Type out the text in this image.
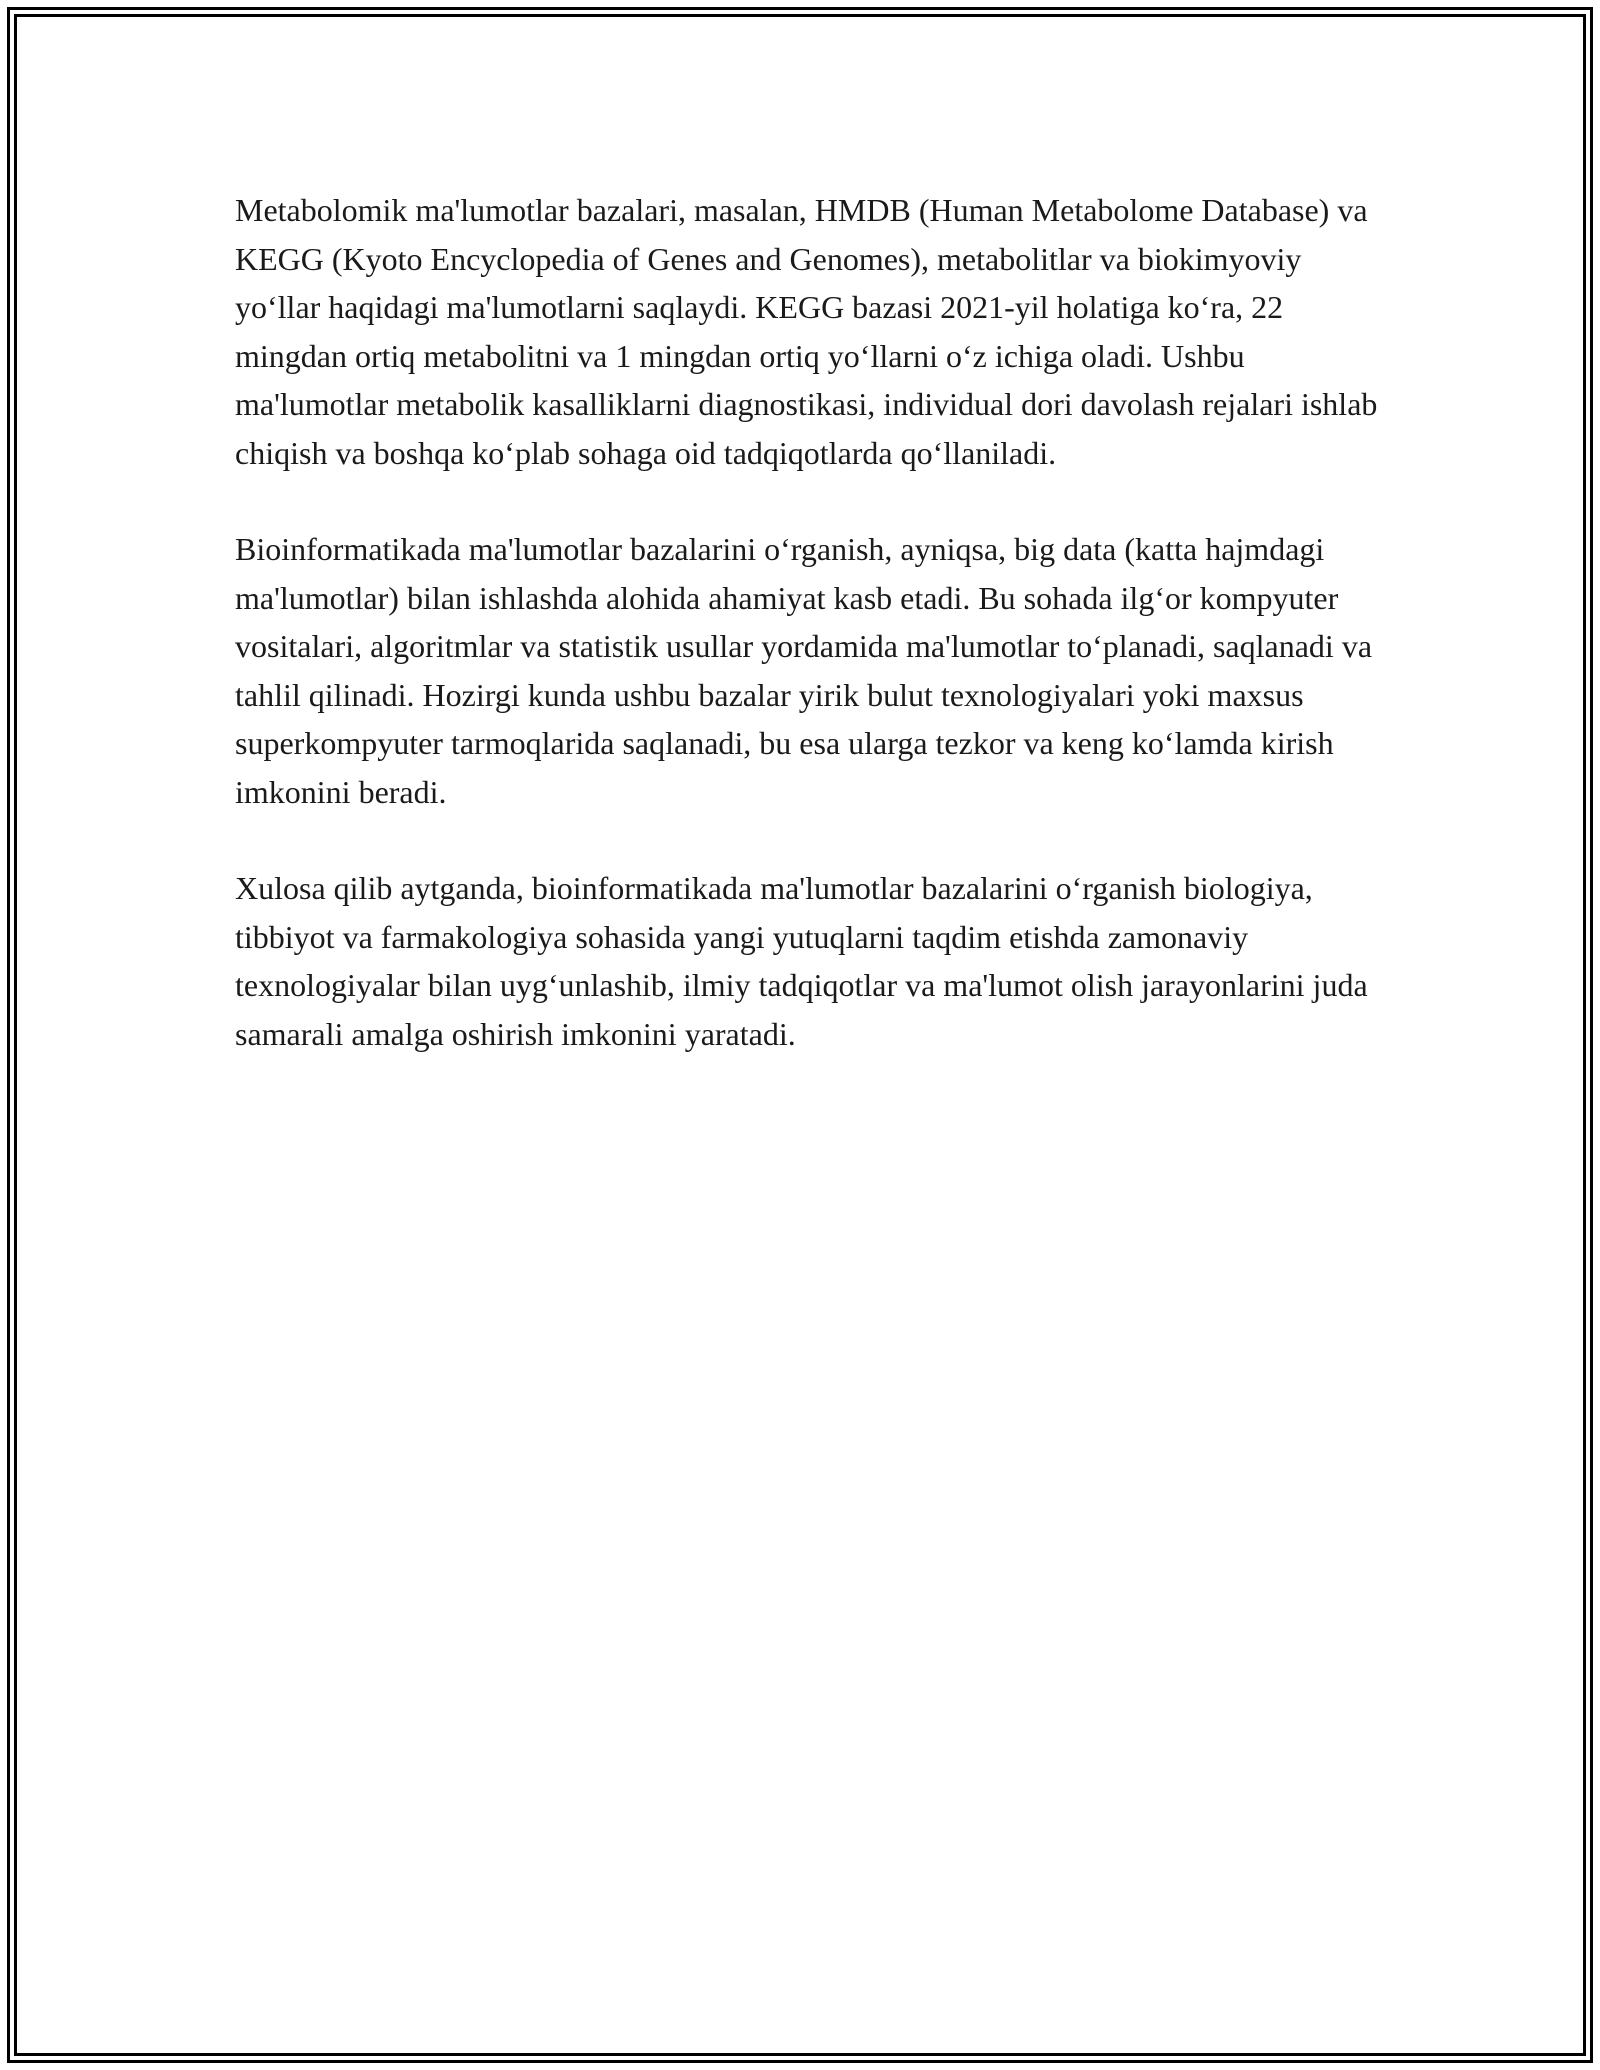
Metabolomik ma'lumotlar bazalari, masalan, HMDB (Human Metabolome Database) va KEGG (Kyoto Encyclopedia of Genes and Genomes), metabolitlar va biokimyoviy yo‘llar haqidagi ma'lumotlarni saqlaydi. KEGG bazasi 2021-yil holatiga ko‘ra, 22 mingdan ortiq metabolitni va 1 mingdan ortiq yo‘llarni o‘z ichiga oladi. Ushbu ma'lumotlar metabolik kasalliklarni diagnostikasi, individual dori davolash rejalari ishlab chiqish va boshqa ko‘plab sohaga oid tadqiqotlarda qo‘llaniladi.

Bioinformatikada ma'lumotlar bazalarini o‘rganish, ayniqsa, big data (katta hajmdagi ma'lumotlar) bilan ishlashda alohida ahamiyat kasb etadi. Bu sohada ilg‘or kompyuter vositalari, algoritmlar va statistik usullar yordamida ma'lumotlar to‘planadi, saqlanadi va tahlil qilinadi. Hozirgi kunda ushbu bazalar yirik bulut texnologiyalari yoki maxsus superkompyuter tarmoqlarida saqlanadi, bu esa ularga tezkor va keng ko‘lamda kirish imkonini beradi.

Xulosa qilib aytganda, bioinformatikada ma'lumotlar bazalarini o‘rganish biologiya, tibbiyot va farmakologiya sohasida yangi yutuqlarni taqdim etishda zamonaviy texnologiyalar bilan uyg‘unlashib, ilmiy tadqiqotlar va ma'lumot olish jarayonlarini juda samarali amalga oshirish imkonini yaratadi.
